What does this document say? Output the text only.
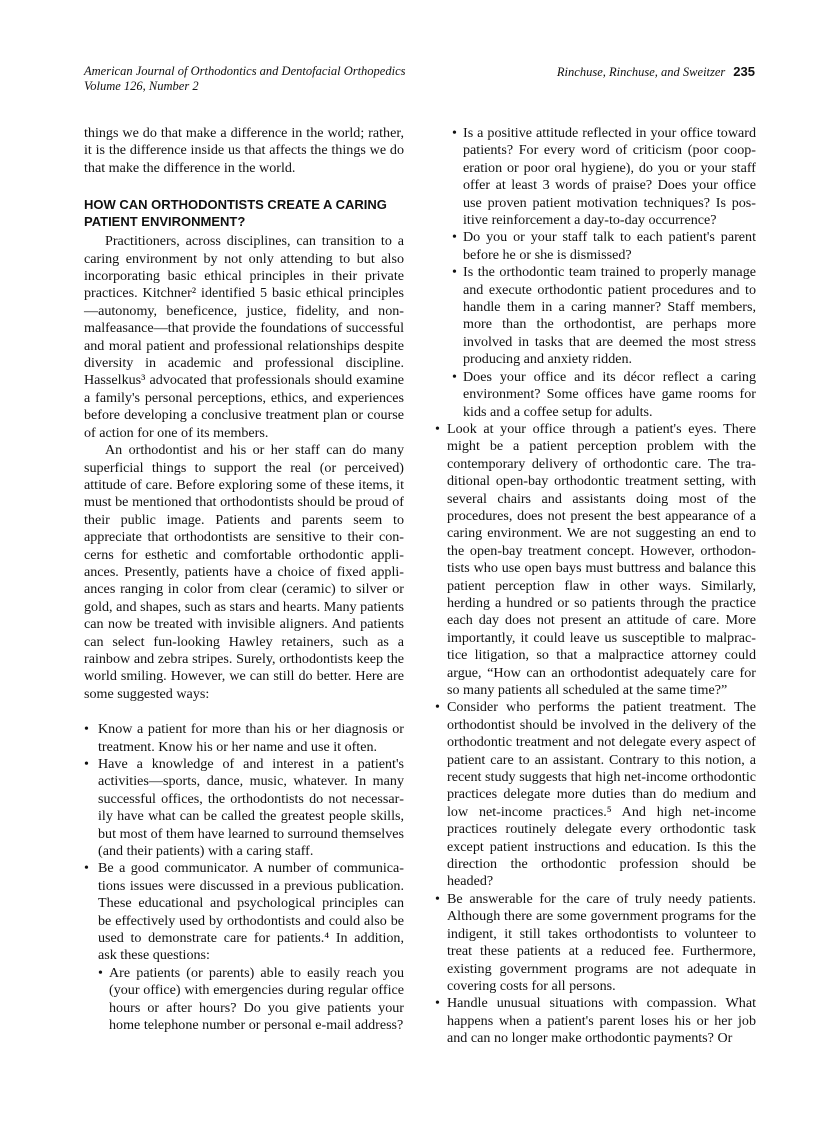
American Journal of Orthodontics and Dentofacial Orthopedics
Volume 126, Number 2
Rinchuse, Rinchuse, and Sweitzer 235

things we do that make a difference in the world; rather, it is the difference inside us that affects the things we do that make the difference in the world.

HOW CAN ORTHODONTISTS CREATE A CARING PATIENT ENVIRONMENT?

Practitioners, across disciplines, can transition to a caring environment by not only attending to but also incorporating basic ethical principles in their private practices. Kitchner² identified 5 basic ethical principles—autonomy, beneficence, justice, fidelity, and nonmalfeasance—that provide the foundations of successful and moral patient and professional relationships despite diversity in academic and professional discipline. Hasselkus³ advocated that professionals should examine a family's personal perceptions, ethics, and experiences before developing a conclusive treatment plan or course of action for one of its members.

An orthodontist and his or her staff can do many superficial things to support the real (or perceived) attitude of care. Before exploring some of these items, it must be mentioned that orthodontists should be proud of their public image. Patients and parents seem to appreciate that orthodontists are sensitive to their concerns for esthetic and comfortable orthodontic appliances. Presently, patients have a choice of fixed appliances ranging in color from clear (ceramic) to silver or gold, and shapes, such as stars and hearts. Many patients can now be treated with invisible aligners. And patients can select fun-looking Hawley retainers, such as a rainbow and zebra stripes. Surely, orthodontists keep the world smiling. However, we can still do better. Here are some suggested ways:

• Know a patient for more than his or her diagnosis or treatment. Know his or her name and use it often.
• Have a knowledge of and interest in a patient's activities—sports, dance, music, whatever. In many successful offices, the orthodontists do not necessarily have what can be called the greatest people skills, but most of them have learned to surround themselves (and their patients) with a caring staff.
• Be a good communicator. A number of communications issues were discussed in a previous publication. These educational and psychological principles can be effectively used by orthodontists and could also be used to demonstrate care for patients.⁴ In addition, ask these questions:
• Are patients (or parents) able to easily reach you (your office) with emergencies during regular office hours or after hours? Do you give patients your home telephone number or personal e-mail address?
• Is a positive attitude reflected in your office toward patients? For every word of criticism (poor cooperation or poor oral hygiene), do you or your staff offer at least 3 words of praise? Does your office use proven patient motivation techniques? Is positive reinforcement a day-to-day occurrence?
• Do you or your staff talk to each patient's parent before he or she is dismissed?
• Is the orthodontic team trained to properly manage and execute orthodontic patient procedures and to handle them in a caring manner? Staff members, more than the orthodontist, are perhaps more involved in tasks that are deemed the most stress producing and anxiety ridden.
• Does your office and its décor reflect a caring environment? Some offices have game rooms for kids and a coffee setup for adults.
• Look at your office through a patient's eyes. There might be a patient perception problem with the contemporary delivery of orthodontic care. The traditional open-bay orthodontic treatment setting, with several chairs and assistants doing most of the procedures, does not present the best appearance of a caring environment. We are not suggesting an end to the open-bay treatment concept. However, orthodontists who use open bays must buttress and balance this patient perception flaw in other ways. Similarly, herding a hundred or so patients through the practice each day does not present an attitude of care. More importantly, it could leave us susceptible to malpractice litigation, so that a malpractice attorney could argue, “How can an orthodontist adequately care for so many patients all scheduled at the same time?”
• Consider who performs the patient treatment. The orthodontist should be involved in the delivery of the orthodontic treatment and not delegate every aspect of patient care to an assistant. Contrary to this notion, a recent study suggests that high net-income orthodontic practices delegate more duties than do medium and low net-income practices.⁵ And high net-income practices routinely delegate every orthodontic task except patient instructions and education. Is this the direction the orthodontic profession should be headed?
• Be answerable for the care of truly needy patients. Although there are some government programs for the indigent, it still takes orthodontists to volunteer to treat these patients at a reduced fee. Furthermore, existing government programs are not adequate in covering costs for all persons.
• Handle unusual situations with compassion. What happens when a patient's parent loses his or her job and can no longer make orthodontic payments? Or
